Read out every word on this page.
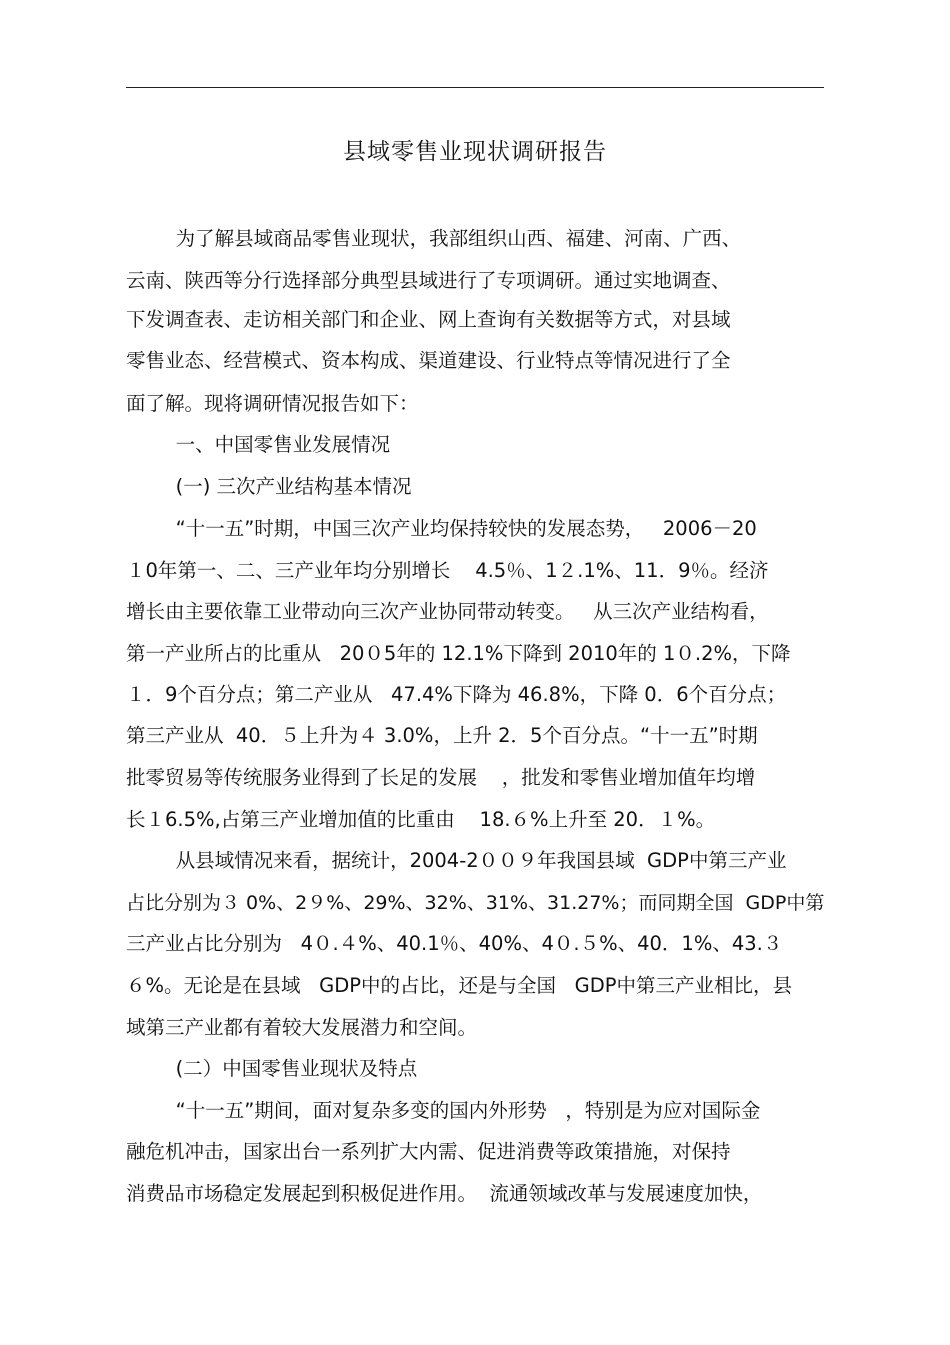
县域零售业现状调研报告
为了解县域商品零售业现状，我部组织山西、福建、河南、广西、
云南、陕西等分行选择部分典型县域进行了专项调研。通过实地调查、
下发调查表、走访相关部门和企业、网上查询有关数据等方式，对县域
零售业态、经营模式、资本构成、渠道建设、行业特点等情况进行了全
面了解。现将调研情况报告如下：
一、中国零售业发展情况
(一) 三次产业结构基本情况
“十一五”时期，中国三次产业均保持较快的发展态势，   2006－20
１0年第一、二、三产业年均分别增长    4.5％、1２.1%、11．9％。经济
增长由主要依靠工业带动向三次产业协同带动转变。   从三次产业结构看，
第一产业所占的比重从   20０5年的 12.1%下降到 2010年的 1０.2%，下降
１．9个百分点；第二产业从   47.4%下降为 46.8%，下降 0．6个百分点；
第三产业从  40．５上升为４ 3.0%，上升 2．5个百分点。“十一五”时期
批零贸易等传统服务业得到了长足的发展    ，批发和零售业增加值年均增
长１6.5%,占第三产业增加值的比重由    18.６%上升至 20．１%。
从县域情况来看，据统计，2004-2００９年我国县域  GDP中第三产业
占比分别为３ 0%、2９%、29%、32%、31%、31.27%；而同期全国  GDP中第
三产业占比分别为   4０.４%、40.1％、40%、4０.５%、40．1%、43.３
６%。无论是在县域   GDP中的占比，还是与全国   GDP中第三产业相比，县
域第三产业都有着较大发展潜力和空间。
(二）中国零售业现状及特点
“十一五”期间，面对复杂多变的国内外形势   ，特别是为应对国际金
融危机冲击，国家出台一系列扩大内需、促进消费等政策措施，对保持
消费品市场稳定发展起到积极促进作用。  流通领域改革与发展速度加快，
